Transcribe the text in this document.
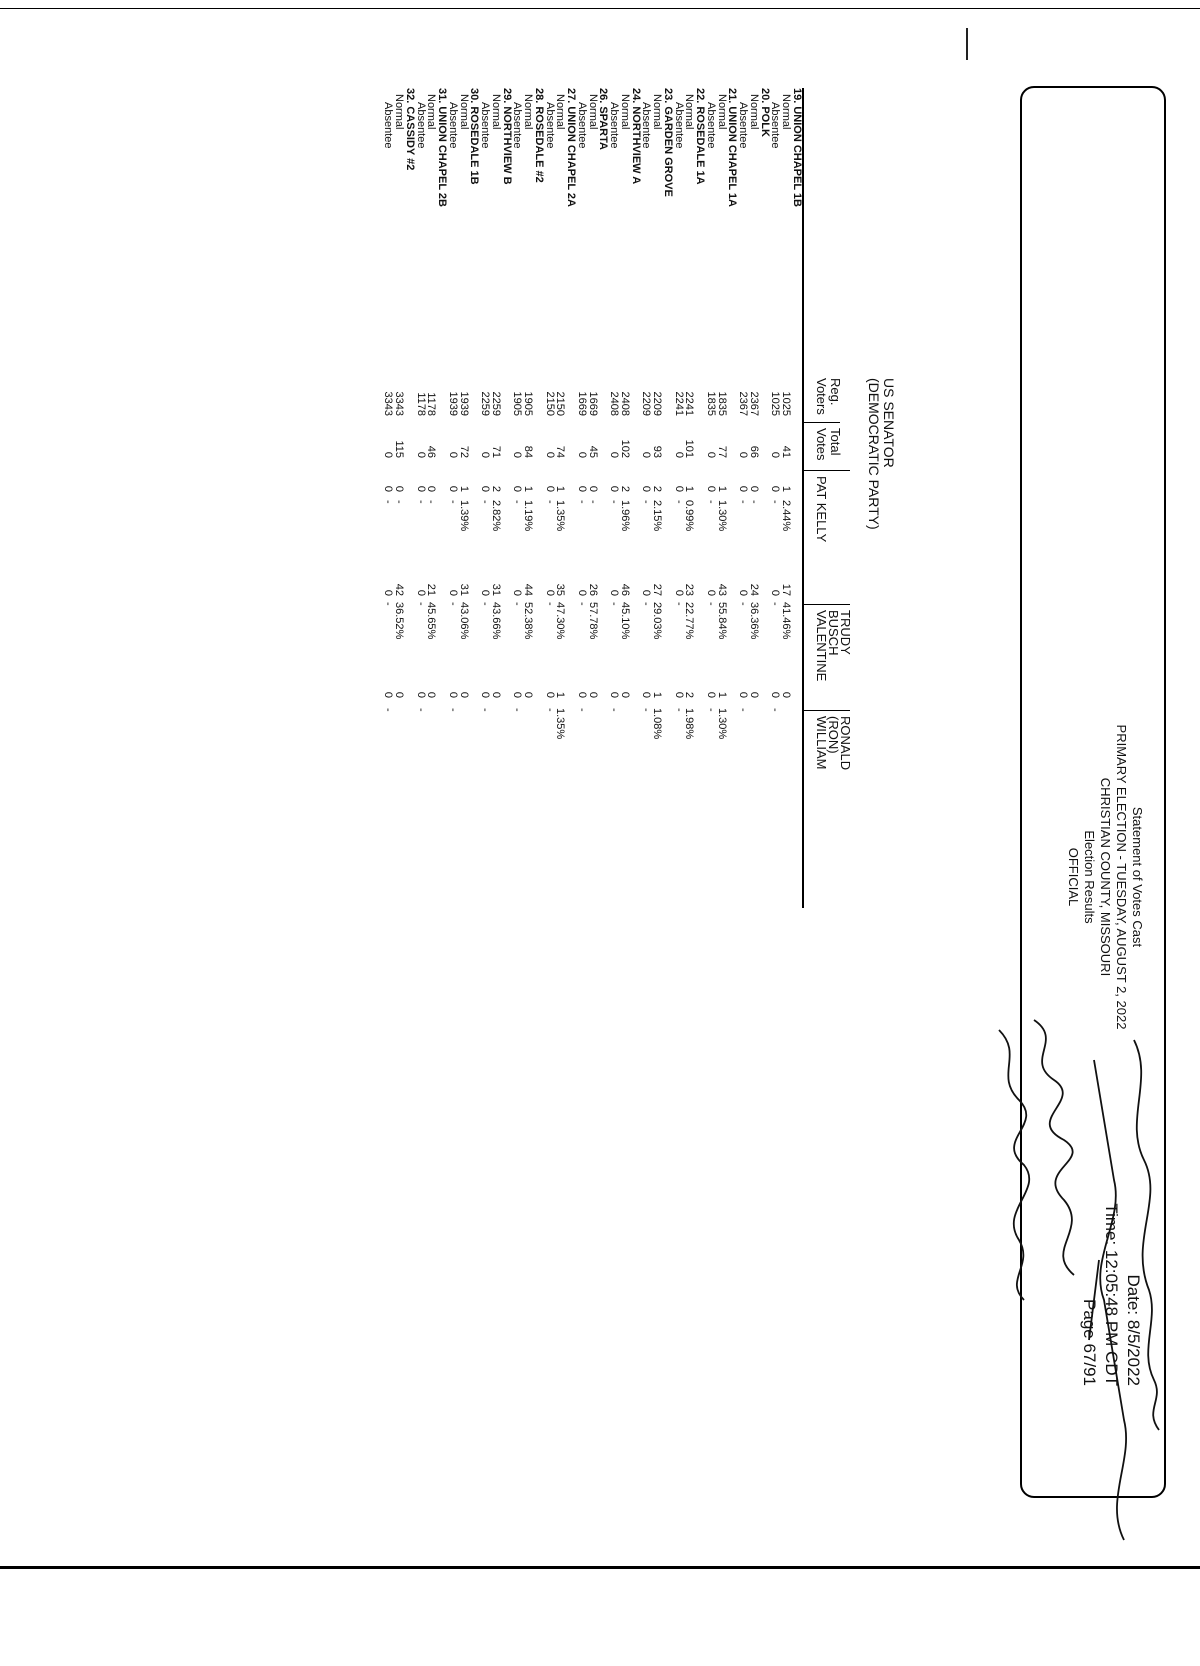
Statement of Votes Cast
PRIMARY ELECTION - TUESDAY, AUGUST 2, 2022
CHRISTIAN COUNTY, MISSOURI
Election Results
OFFICIAL
Date: 8/5/2022
Time: 12:05:48 PM CDT
Page 67/91
US SENATOR
(DEMOCRATIC PARTY)
Reg.
Voters
Total
Votes
PAT KELLY
TRUDY
BUSCH
VALENTINE
RONALD
(RON)
WILLIAM
19. UNION CHAPEL 1B
Normal
1025
41
1
2.44%
17
41.46%
0
Absentee
1025
0
0
-
0
-
0
-
20. POLK
Normal
2367
66
0
-
24
36.36%
0
Absentee
2367
0
0
-
0
-
0
-
21. UNION CHAPEL 1A
Normal
1835
77
1
1.30%
43
55.84%
1
1.30%
Absentee
1835
0
0
-
0
-
0
-
22. ROSEDALE 1A
Normal
2241
101
1
0.99%
23
22.77%
2
1.98%
Absentee
2241
0
0
-
0
-
0
-
23. GARDEN GROVE
Normal
2209
93
2
2.15%
27
29.03%
1
1.08%
Absentee
2209
0
0
-
0
-
0
-
24. NORTHVIEW A
Normal
2408
102
2
1.96%
46
45.10%
0
Absentee
2408
0
0
-
0
-
0
-
26. SPARTA
Normal
1669
45
0
-
26
57.78%
0
Absentee
1669
0
0
-
0
-
0
-
27. UNION CHAPEL 2A
Normal
2150
74
1
1.35%
35
47.30%
1
1.35%
Absentee
2150
0
0
-
0
-
0
-
28. ROSEDALE #2
Normal
1905
84
1
1.19%
44
52.38%
0
Absentee
1905
0
0
-
0
-
0
-
29. NORTHVIEW B
Normal
2259
71
2
2.82%
31
43.66%
0
Absentee
2259
0
0
-
0
-
0
-
30. ROSEDALE 1B
Normal
1939
72
1
1.39%
31
43.06%
0
Absentee
1939
0
0
-
0
-
0
-
31. UNION CHAPEL 2B
Normal
1178
46
0
-
21
45.65%
0
Absentee
1178
0
0
-
0
-
0
-
32. CASSIDY #2
Normal
3343
115
0
-
42
36.52%
0
Absentee
3343
0
0
-
0
-
0
-
